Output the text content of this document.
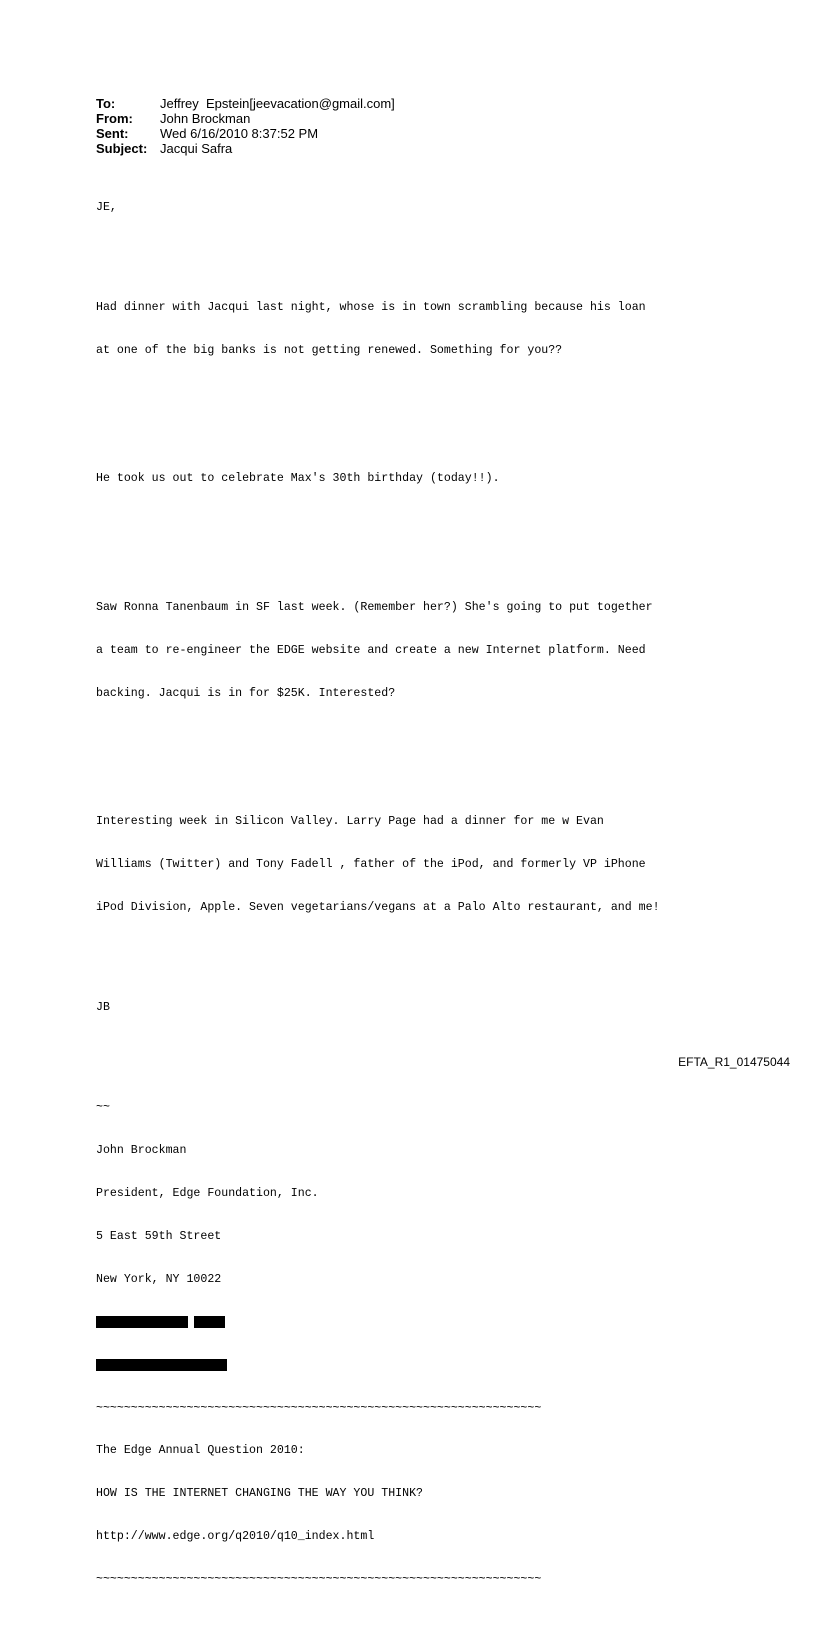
To:	Jeffrey  Epstein[jeevacation@gmail.com]
From:	John Brockman
Sent:	Wed 6/16/2010 8:37:52 PM
Subject: Jacqui Safra

JE,

Had dinner with Jacqui last night, whose is in town scrambling because his loan

at one of the big banks is not getting renewed. Something for you??

He took us out to celebrate Max's 30th birthday (today!!).

Saw Ronna Tanenbaum in SF last week. (Remember her?) She's going to put together

a team to re-engineer the EDGE website and create a new Internet platform. Need

backing. Jacqui is in for $25K. Interested?

Interesting week in Silicon Valley. Larry Page had a dinner for me w Evan

Williams (Twitter) and Tony Fadell , father of the iPod, and formerly VP iPhone

iPod Division, Apple. Seven vegetarians/vegans at a Palo Alto restaurant, and me!

JB

~~

John Brockman

President, Edge Foundation, Inc.

5 East 59th Street

New York, NY 10022

~~~~~~~~~~~~~~~~~~~~~~~~~~~~~~~~~~~~~~~~~~~~~~~~~~~~~~~~~~~~~~~~

The Edge Annual Question 2010:

HOW IS THE INTERNET CHANGING THE WAY YOU THINK?

http://www.edge.org/q2010/q10_index.html

~~~~~~~~~~~~~~~~~~~~~~~~~~~~~~~~~~~~~~~~~~~~~~~~~~~~~~~~~~~~~~~~

EFTA_R1_01475044
